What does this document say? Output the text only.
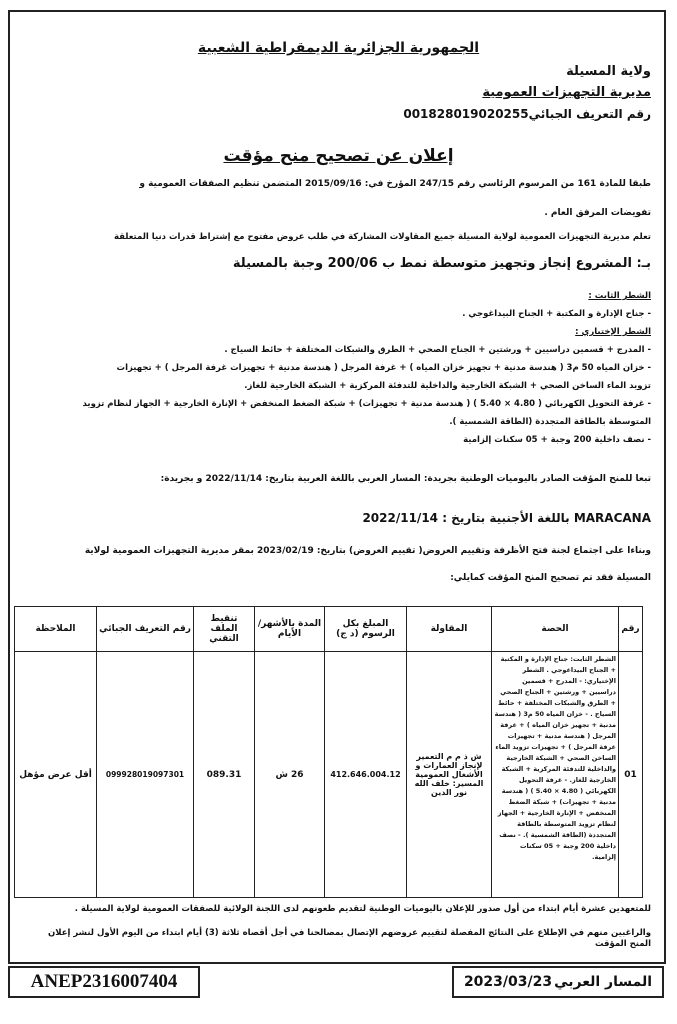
الجمهورية الجزائرية الديمقراطية الشعبية
ولاية المسيلة
مديرية التجهيزات العمومية
رقم التعريف الجبائي001828019020255
إعلان عن تصحيح منح مؤقت
طبقا للمادة 161 من المرسوم الرئاسي رقم 247/15 المؤرخ في: 2015/09/16 المتضمن تنظيم الصفقات العمومية و
تفويضات المرفق العام .
تعلم مديرية التجهيزات العمومية لولاية المسيلة جميع المقاولات المشاركة في طلب عروض مفتوح مع إشتراط قدرات دنيا المتعلقة
بـ: المشروع إنجاز وتجهيز متوسطة نمط ب 200/06 وجبة بالمسيلة
الشطر الثابت :
- جناح الإدارة و المكتبة + الجناح البيداغوجي .
الشطر الإختياري :
- المدرج + قسمين دراسيين + ورشتين + الجناح الصحي + الطرق والشبكات المختلفة + حائط السياج .
- خزان المياه 50 م3 ( هندسة مدنية + تجهيز خزان المياه ) + غرفة المرجل ( هندسة مدنية + تجهيزات غرفة المرجل ) + تجهيزات
تزويد الماء الساخن الصحي + الشبكة الخارجية والداخلية للتدفئة المركزية + الشبكة الخارجية للغاز.
- غرفة التحويل الكهربائي ( 4.80 × 5.40 ) ( هندسة مدنية + تجهيزات) + شبكة الضغط المنخفض + الإنارة الخارجية + الجهاز لنظام تزويد
المتوسطة بالطاقة المتجددة (الطاقة الشمسية ).
- نصف داخلية 200 وجبة + 05 سكنات إلزامية
تبعا للمنح المؤقت الصادر باليوميات الوطنية بجريدة: المسار العربي باللغة العربية بتاريخ: 2022/11/14 و بجريدة:
MARACANA باللغة الأجنبية بتاريخ : 2022/11/14
وبناءا على اجتماع لجنة فتح الأظرفة وتقييم العروض( تقييم العروض) بتاريخ: 2023/02/19 بمقر مديرية التجهيزات العمومية لولاية
المسيلة فقد تم تصحيح المنح المؤقت كمايلي:
رقم	الحصة	المقاولة	المبلغ بكل الرسوم (د ج)	المدة بالأشهر/ الأيام	تنقيط الملف التقني	رقم التعريف الجبائي	الملاحظة
01	الشطر الثابت: جناح الإدارة و المكتبة + الجناح البيداغوجي . الشطر الإختياري: - المدرج + قسمين دراسيين + ورشتين + الجناح الصحي + الطرق والشبكات المختلفة + حائط السياج . - خزان المياه 50 م3 ( هندسة مدنية + تجهيز خزان المياه ) + غرفة المرجل ( هندسة مدنية + تجهيزات غرفة المرجل ) + تجهيزات تزويد الماء الساخن الصحي + الشبكة الخارجية والداخلية للتدفئة المركزية + الشبكة الخارجية للغاز. - غرفة التحويل الكهربائي ( 4.80 × 5.40 ) ( هندسة مدنية + تجهيزات) + شبكة الضغط المنخفض + الإنارة الخارجية + الجهاز لنظام تزويد المتوسطة بالطاقة المتجددة (الطاقة الشمسية ). - نصف داخلية 200 وجبة + 05 سكنات إلزامية.	ش ذ م م التعمير لإنجاز العمارات و الأشغال العمومية المسير: خلف الله نور الدين	412.646.004.12	26 ش	089.31	099928019097301	أقل عرض مؤهل
للمتعهدين عشرة أيام ابتداء من أول صدور للإعلان باليوميات الوطنية لتقديم طعونهم لدى اللجنة الولائية للصفقات العمومية لولاية المسيلة .
والراغبين منهم في الإطلاع على النتائج المفصلة لتقييم عروضهم الإتصال بمصالحنا في أجل أقصاه ثلاثة (3) أيام ابتداء من اليوم الأول لنشر إعلان المنح المؤقت
ANEP2316007404	المسار العربي
2023/03/23
